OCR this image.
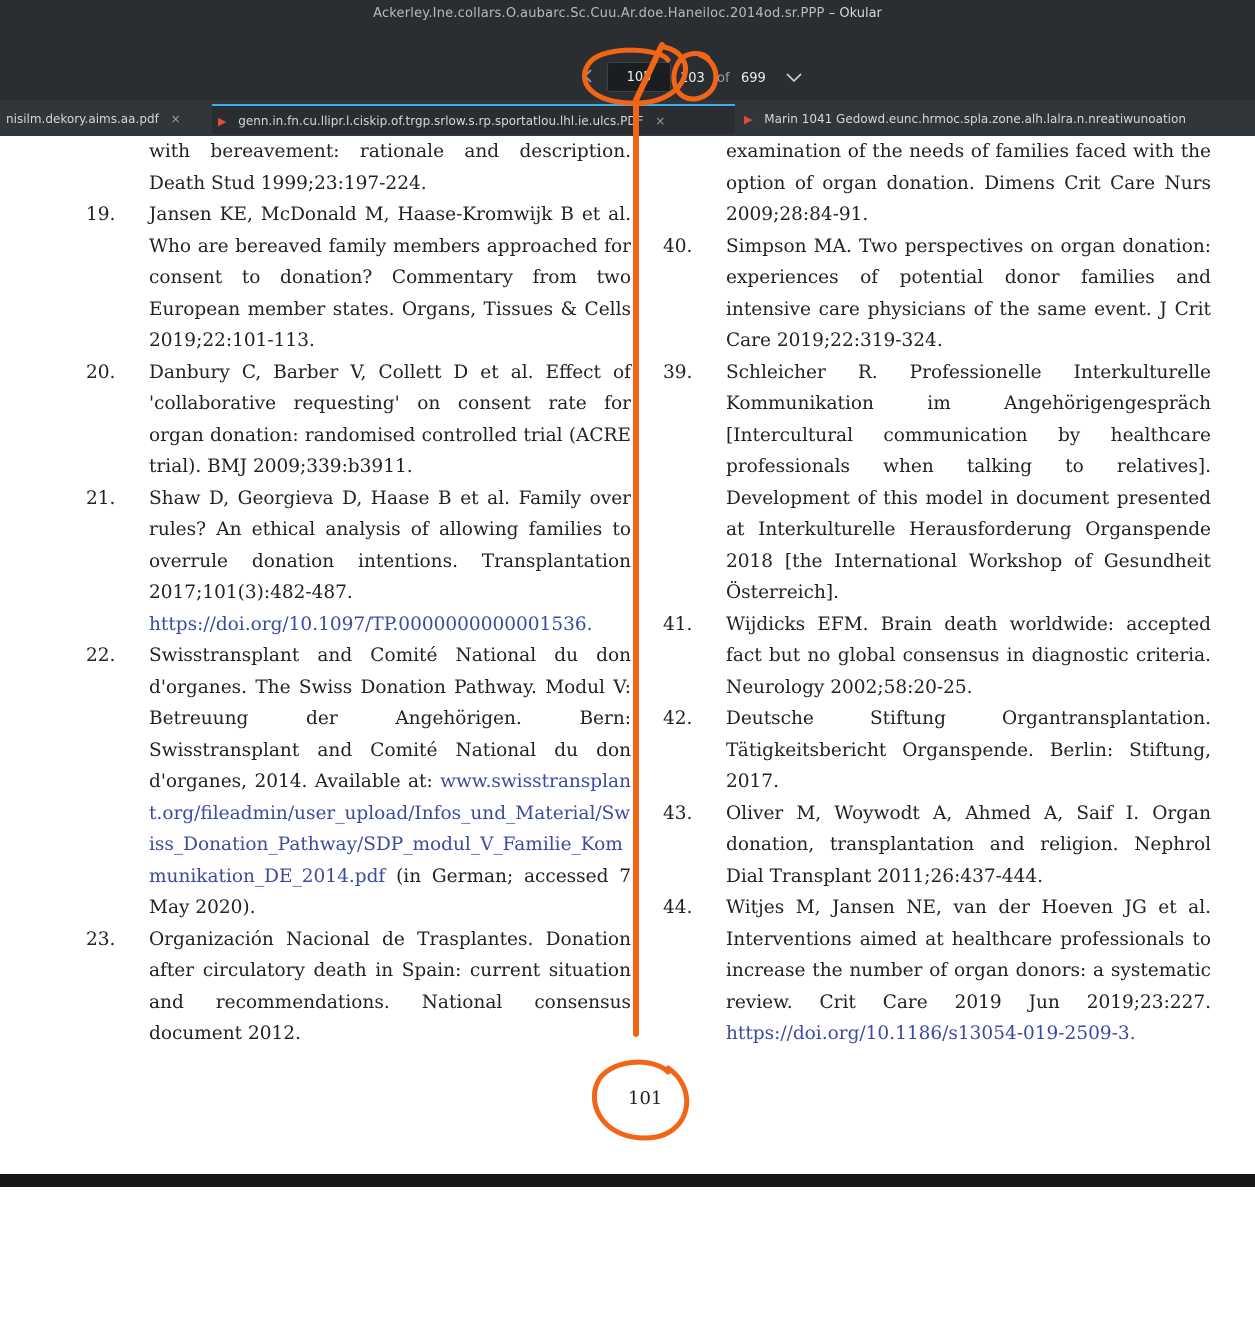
Ackerley.Ine.collars.O.aubarc.Sc.Cuu.Ar.doe.Haneiloc.2014od.sr.PPP – Okular
105
103 of 699
nisilm.dekory.aims.aa.pdf ×	▶ genn.in.fn.cu.llipr.l.ciskip.of.trgp.srlow.s.rp.sportatlou.lhl.ie.ulcs.PDF ×	▶ Marin 1041 Gedowd.eunc.hrmoc.spla.zone.alh.lalra.n.nreatiwunoation
with bereavement: rationale and description. Death Stud 1999;23:197-224.
19. Jansen KE, McDonald M, Haase-Kromwijk B et al. Who are bereaved family members approached for consent to donation? Commentary from two European member states. Organs, Tissues & Cells 2019;22:101-113.
20. Danbury C, Barber V, Collett D et al. Effect of 'collaborative requesting' on consent rate for organ donation: randomised controlled trial (ACRE trial). BMJ 2009;339:b3911.
21. Shaw D, Georgieva D, Haase B et al. Family over rules? An ethical analysis of allowing families to overrule donation intentions. Transplantation 2017;101(3):482-487. https://doi.org/10.1097/TP.0000000000001536.
22. Swisstransplant and Comité National du don d'organes. The Swiss Donation Pathway. Modul V: Betreuung der Angehörigen. Bern: Swisstransplant and Comité National du don d'organes, 2014. Available at: www.swisstransplant.org/fileadmin/user_upload/Infos_und_Material/Swiss_Donation_Pathway/SDP_modul_V_Familie_Kommunikation_DE_2014.pdf (in German; accessed 7 May 2020).
23. Organización Nacional de Trasplantes. Donation after circulatory death in Spain: current situation and recommendations. National consensus document 2012.
examination of the needs of families faced with the option of organ donation. Dimens Crit Care Nurs 2009;28:84-91.
40. Simpson MA. Two perspectives on organ donation: experiences of potential donor families and intensive care physicians of the same event. J Crit Care 2019;22:319-324.
39. Schleicher R. Professionelle Interkulturelle Kommunikation im Angehörigengespräch [Intercultural communication by healthcare professionals when talking to relatives]. Development of this model in document presented at Interkulturelle Herausforderung Organspende 2018 [the International Workshop of Gesundheit Österreich].
41. Wijdicks EFM. Brain death worldwide: accepted fact but no global consensus in diagnostic criteria. Neurology 2002;58:20-25.
42. Deutsche Stiftung Organtransplantation. Tätigkeitsbericht Organspende. Berlin: Stiftung, 2017.
43. Oliver M, Woywodt A, Ahmed A, Saif I. Organ donation, transplantation and religion. Nephrol Dial Transplant 2011;26:437-444.
44. Witjes M, Jansen NE, van der Hoeven JG et al. Interventions aimed at healthcare professionals to increase the number of organ donors: a systematic review. Crit Care 2019 Jun 2019;23:227. https://doi.org/10.1186/s13054-019-2509-3.
101
